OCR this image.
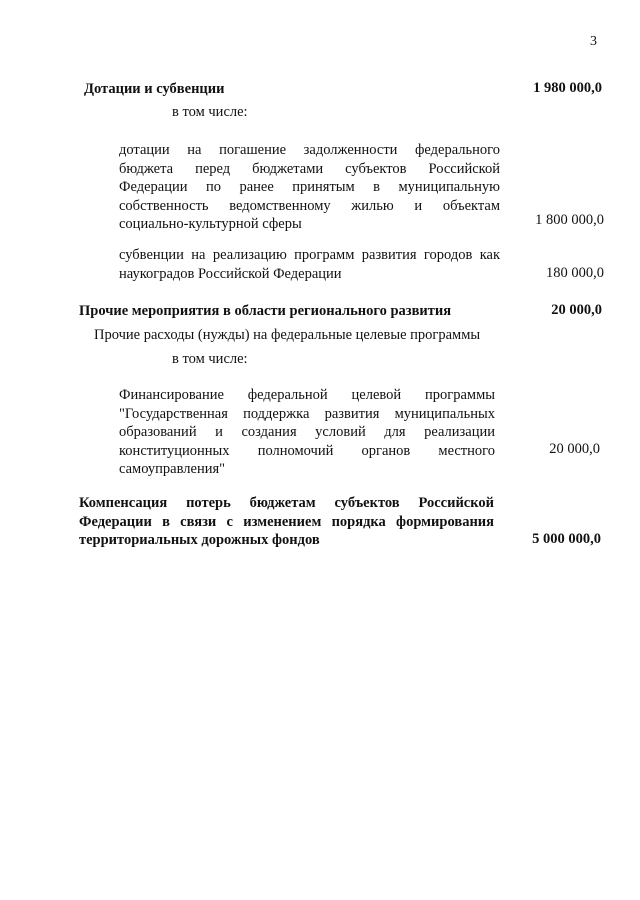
3
Дотации и субвенции	1 980 000,0
в том числе:
дотации на погашение задолженности федерального
бюджета перед бюджетами субъектов Российской
Федерации по ранее принятым в муниципальную
собственность ведомственному жилью и объектам
социально-культурной сферы	1 800 000,0
субвенции на реализацию программ развития городов как
наукоградов Российской Федерации	180 000,0
Прочие мероприятия в области регионального развития	20 000,0
Прочие расходы (нужды) на федеральные целевые программы
в том числе:
Финансирование федеральной целевой программы
"Государственная поддержка развития муниципальных
образований и создания условий для реализации
конституционных полномочий органов местного
самоуправления"
20 000,0
Компенсация потерь бюджетам субъектов Российской
Федерации в связи с изменением порядка формирования
территориальных дорожных фондов	5 000 000,0
